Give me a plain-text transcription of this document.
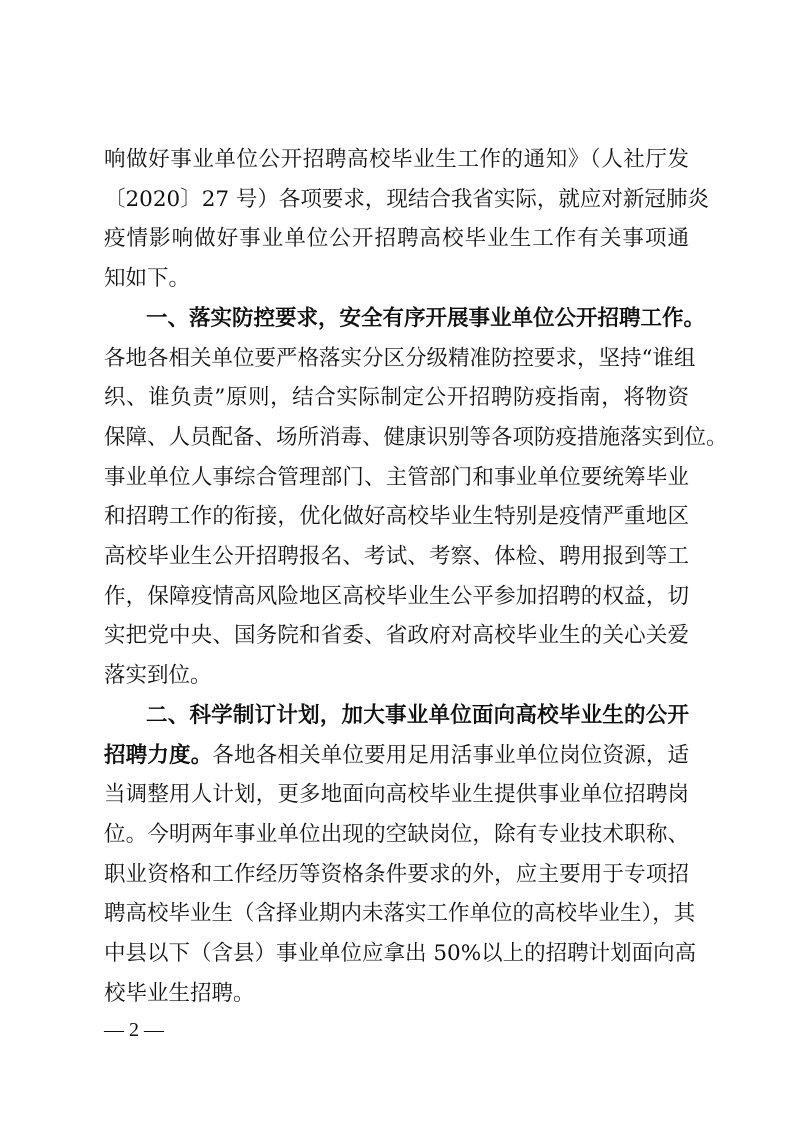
响做好事业单位公开招聘高校毕业生工作的通知》（人社厅发
〔2020〕27 号）各项要求，现结合我省实际，就应对新冠肺炎
疫情影响做好事业单位公开招聘高校毕业生工作有关事项通
知如下。
一、落实防控要求，安全有序开展事业单位公开招聘工作。
各地各相关单位要严格落实分区分级精准防控要求，坚持“谁组
织、谁负责”原则，结合实际制定公开招聘防疫指南，将物资
保障、人员配备、场所消毒、健康识别等各项防疫措施落实到位。
事业单位人事综合管理部门、主管部门和事业单位要统筹毕业
和招聘工作的衔接，优化做好高校毕业生特别是疫情严重地区
高校毕业生公开招聘报名、考试、考察、体检、聘用报到等工
作，保障疫情高风险地区高校毕业生公平参加招聘的权益，切
实把党中央、国务院和省委、省政府对高校毕业生的关心关爱
落实到位。
二、科学制订计划，加大事业单位面向高校毕业生的公开
招聘力度。各地各相关单位要用足用活事业单位岗位资源，适
当调整用人计划，更多地面向高校毕业生提供事业单位招聘岗
位。今明两年事业单位出现的空缺岗位，除有专业技术职称、
职业资格和工作经历等资格条件要求的外，应主要用于专项招
聘高校毕业生（含择业期内未落实工作单位的高校毕业生），其
中县以下（含县）事业单位应拿出 50%以上的招聘计划面向高
校毕业生招聘。
— 2 —
